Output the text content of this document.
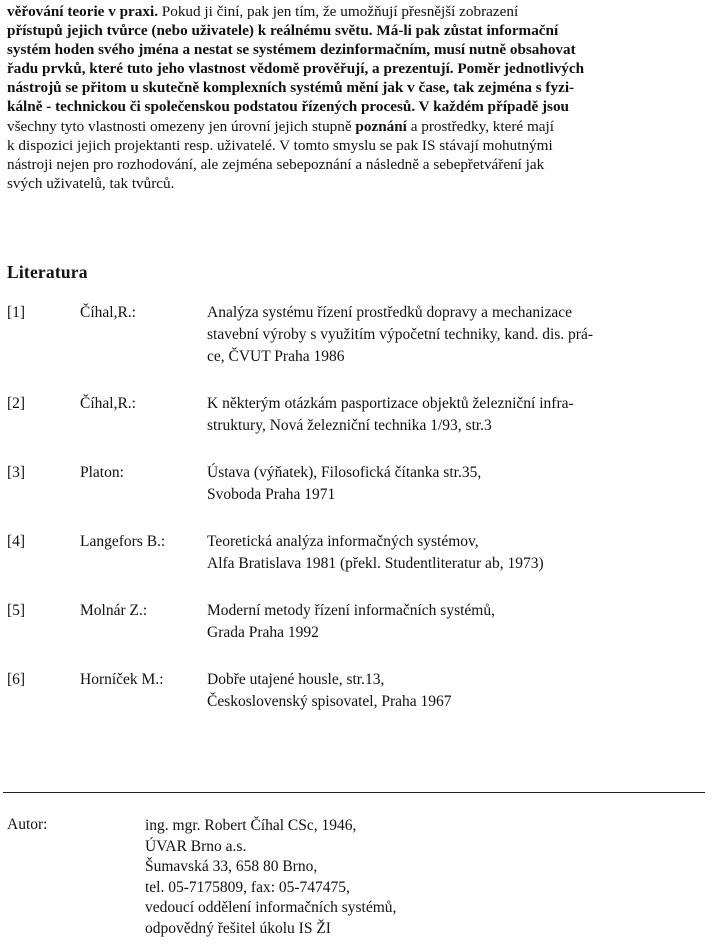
věřování teorie v praxi. Pokud ji činí, pak jen tím, že umožňují přesnější zobrazení
přístupů jejich tvůrce (nebo uživatele) k reálnému světu. Má-li pak zůstat informační
systém hoden svého jména a nestat se systémem dezinformačním, musí nutně obsahovat
řadu prvků, které tuto jeho vlastnost vědomě prověřují, a prezentují. Poměr jednotlivých
nástrojů se přitom u skutečně komplexních systémů mění jak v čase, tak zejména s fyzi-
kálně - technickou či společenskou podstatou řízených procesů. V každém případě jsou
všechny tyto vlastnosti omezeny jen úrovní jejich stupně poznání a prostředky, které mají
k dispozici jejich projektanti resp. uživatelé. V tomto smyslu se pak IS stávají mohutnými
nástroji nejen pro rozhodování, ale zejména sebepoznání a následně a sebepřetváření jak
svých uživatelů, tak tvůrců.
Literatura
[1]	Číhal,R.:	Analýza systému řízení prostředků dopravy a mechanizace
stavební výroby s využitím výpočetní techniky, kand. dis. prá-
ce, ČVUT Praha 1986
[2]	Číhal,R.:	K některým otázkám pasportizace objektů železniční infra-
struktury, Nová železniční technika 1/93, str.3
[3]	Platon:	Ústava (výňatek), Filosofická čítanka str.35,
Svoboda Praha 1971
[4]	Langefors B.:	Teoretická analýza informačných systémov,
Alfa Bratislava 1981 (překl. Studentliteratur ab, 1973)
[5]	Molnár Z.:	Moderní metody řízení informačních systémů,
Grada Praha 1992
[6]	Horníček M.:	Dobře utajené housle, str.13,
Československý spisovatel, Praha 1967
Autor:	ing. mgr. Robert Číhal CSc, 1946,
ÚVAR Brno a.s.
Šumavská 33, 658 80 Brno,
tel. 05-7175809, fax: 05-747475,
vedoucí oddělení informačních systémů,
odpovědný řešitel úkolu IS ŽI
